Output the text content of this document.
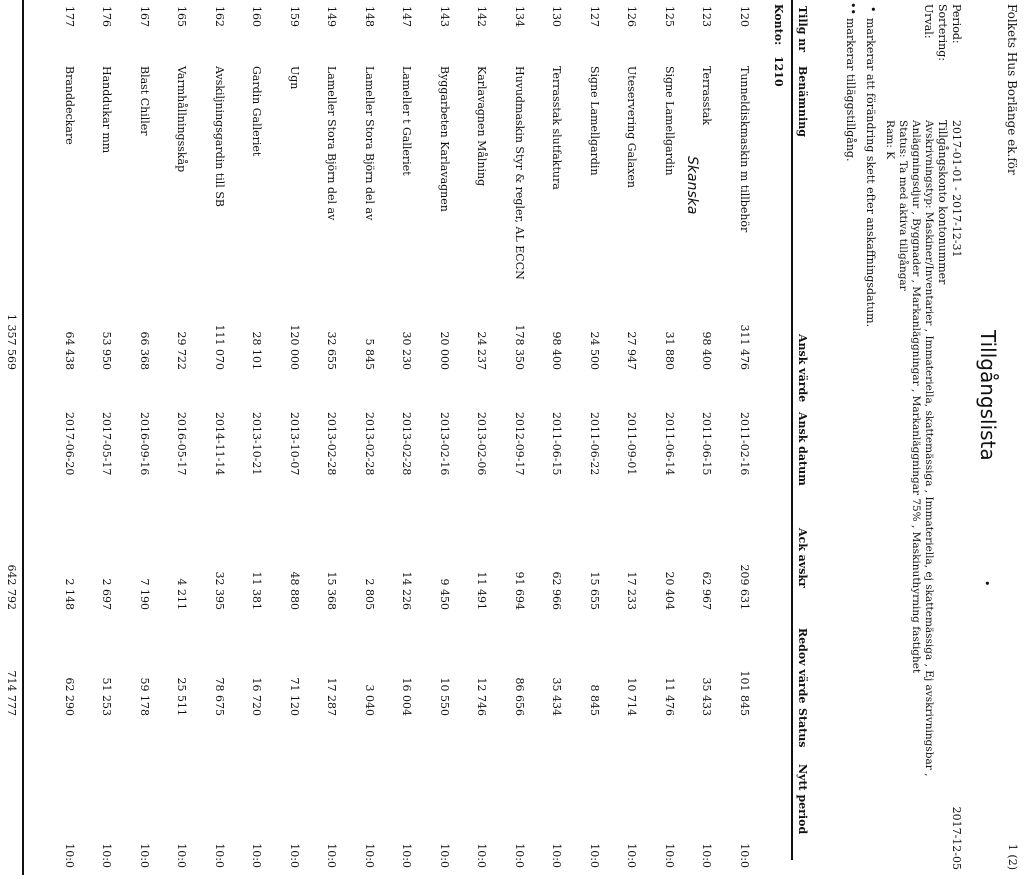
Folkets Hus Borlänge ek.för
1 (2)
Tillgångslista
•
2017-12-05
Period:
2017-01-01 - 2017-12-31
Sortering:
Tillgångskonto kontonummer
Urval:
Avskrivningstyp: Maskiner/Inventarier , Immateriella, skattemässiga , Immateriella, ej skattemässiga , Ej avskrivningsbar ,
Anläggningsdjur , Byggnader , Markanläggningar , Markanläggningar 75% , Maskinuthyrning fastighet
Status: Ta med aktiva tillgångar
Ram: K
•
markerar att förändring skett efter anskaffningsdatum.
••
markerar tilläggstillgång.
Tillg nr
Benämning
Ansk värde
Ansk datum
Ack avskr
Redov värde
Status
Nytt period
Konto:
1210
120
Tunneldiskmaskin m tillbehör
311 476
2011-02-16
209 631
101 845
10:0
123
Terrasstak
98 400
2011-06-15
62 967
35 433
10:0
125
Signe Lamellgardin
31 880
2011-06-14
20 404
11 476
10:0
126
Uteservering Galaxen
27 947
2011-09-01
17 233
10 714
10:0
127
Signe Lamellgardin
24 500
2011-06-22
15 655
8 845
10:0
130
Terrasstak slutfaktura
98 400
2011-06-15
62 966
35 434
10:0
134
Huvudmaskin Styr & regler, AL ECCN
178 350
2012-09-17
91 694
86 656
10:0
142
Karlavagnen Målning
24 237
2013-02-06
11 491
12 746
10:0
143
Byggarbeten Karlavagnen
20 000
2013-02-16
9 450
10 550
10:0
147
Lameller t Galleriet
30 230
2013-02-28
14 226
16 004
10:0
148
Lameller Stora Björn del av
5 845
2013-02-28
2 805
3 040
10:0
149
Lameller Stora Björn del av
32 655
2013-02-28
15 368
17 287
10:0
159
Ugn
120 000
2013-10-07
48 880
71 120
10:0
160
Gardin Galleriet
28 101
2013-10-21
11 381
16 720
10:0
162
Avskiljningsgardin till SB
111 070
2014-11-14
32 395
78 675
10:0
165
Varmhållningsskåp
29 722
2016-05-17
4 211
25 511
10:0
167
Blast Chiller
66 368
2016-09-16
7 190
59 178
10:0
176
Handdukar mm
53 950
2017-05-17
2 697
51 253
10:0
177
Branddeckare
64 438
2017-06-20
2 148
62 290
10:0
Skanska
1 357 569
642 792
714 777
